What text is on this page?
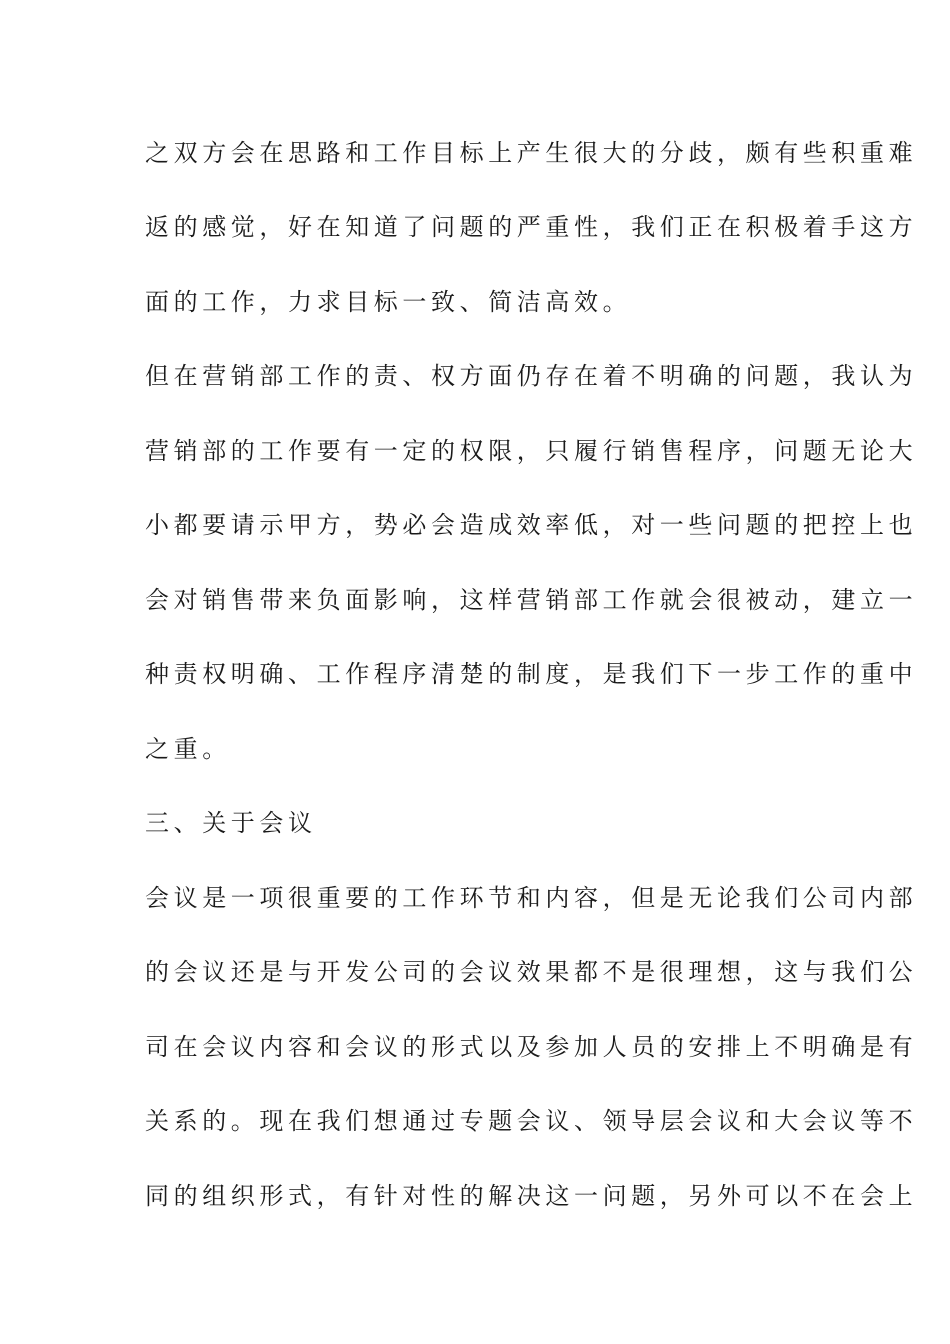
之双方会在思路和工作目标上产生很大的分歧，颇有些积重难
返的感觉，好在知道了问题的严重性，我们正在积极着手这方
面的工作，力求目标一致、简洁高效。
但在营销部工作的责、权方面仍存在着不明确的问题，我认为
营销部的工作要有一定的权限，只履行销售程序，问题无论大
小都要请示甲方，势必会造成效率低，对一些问题的把控上也
会对销售带来负面影响，这样营销部工作就会很被动，建立一
种责权明确、工作程序清楚的制度，是我们下一步工作的重中
之重。
三、关于会议
会议是一项很重要的工作环节和内容，但是无论我们公司内部
的会议还是与开发公司的会议效果都不是很理想，这与我们公
司在会议内容和会议的形式以及参加人员的安排上不明确是有
关系的。现在我们想通过专题会议、领导层会议和大会议等不
同的组织形式，有针对性的解决这一问题，另外可以不在会上
